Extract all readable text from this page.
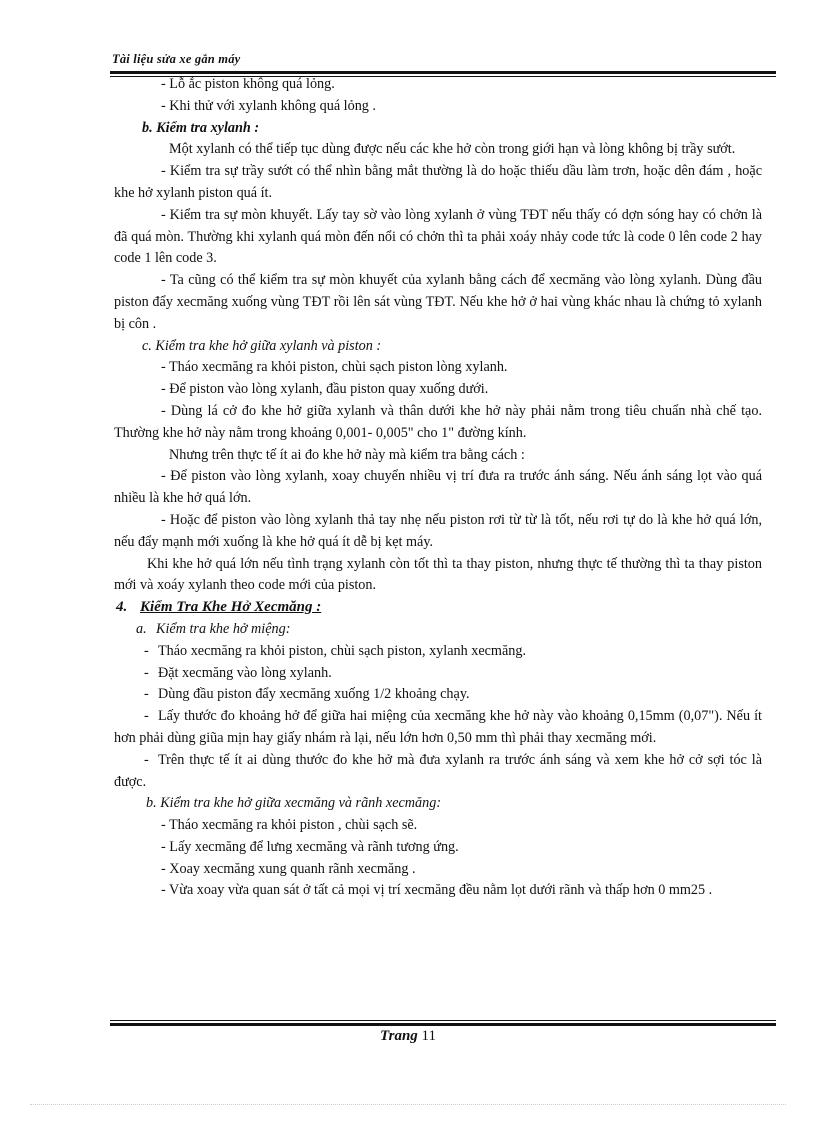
Tài liệu sửa xe gắn máy

- Lỗ ắc piston không quá lỏng.

- Khi thử với xylanh không quá lỏng .

b. Kiểm tra xylanh :

Một xylanh có thể tiếp tục dùng được nếu các khe hở còn trong giới hạn và lòng không bị trầy sướt.

- Kiểm tra sự trầy sướt có thể nhìn bằng mắt thường là do hoặc thiếu dầu làm trơn, hoặc dên đám , hoặc khe hở xylanh piston quá ít.

- Kiểm tra sự mòn khuyết. Lấy tay sờ vào lòng xylanh ở vùng TĐT nếu thấy có dợn sóng hay có chởn là đã quá mòn. Thường khi xylanh quá mòn đến nổi có chởn thì ta phải xoáy nhảy code tức là code 0 lên code 2 hay code 1 lên code 3.

- Ta cũng có thể kiểm tra sự mòn khuyết của xylanh bằng cách để xecmăng vào lòng xylanh. Dùng đầu piston đẩy xecmăng xuống vùng TĐT rồi lên sát vùng TĐT. Nếu khe hở ở hai vùng khác nhau là chứng tỏ xylanh bị côn .

c. Kiểm tra khe hở giữa xylanh và piston :

- Tháo xecmăng ra khỏi piston, chùi sạch piston lòng xylanh.

- Để piston vào lòng xylanh, đầu piston quay xuống dưới.

- Dùng lá cở đo khe hở giữa xylanh và thân dưới khe hở này phải nằm trong tiêu chuẩn nhà chế tạo. Thường khe hở này nằm trong khoảng 0,001- 0,005" cho 1" đường kính.

Nhưng trên thực tế ít ai đo khe hở này mà kiểm tra bằng cách :

- Để piston vào lòng xylanh, xoay chuyển nhiều vị trí đưa ra trước ánh sáng. Nếu ánh sáng lọt vào quá nhiều là khe hở quá lớn.

- Hoặc để piston vào lòng xylanh thả tay nhẹ nếu piston rơi từ từ là tốt, nếu rơi tự do là khe hở quá lớn, nếu đẩy mạnh mới xuống là khe hở quá ít dễ bị kẹt máy.

Khi khe hở quá lớn nếu tình trạng xylanh còn tốt thì ta thay piston, nhưng thực tế thường thì ta thay piston mới và xoáy xylanh theo code mới của piston.

4. Kiểm Tra Khe Hở Xecmăng :

a. Kiểm tra khe hở miệng:

- Tháo xecmăng ra khỏi piston, chùi sạch piston, xylanh xecmăng.

- Đặt xecmăng vào lòng xylanh.

- Dùng đầu piston đẩy xecmăng xuống 1/2 khoảng chạy.

- Lấy thước đo khoảng hở để giữa hai miệng của xecmăng khe hở này vào khoảng 0,15mm (0,07"). Nếu ít hơn phải dùng giũa mịn hay giấy nhám rà lại, nếu lớn hơn 0,50 mm thì phải thay xecmăng mới.

- Trên thực tế ít ai dùng thước đo khe hở mà đưa xylanh ra trước ánh sáng và xem khe hở cở sợi tóc là được.

b. Kiểm tra khe hở giữa xecmăng và rãnh xecmăng:

- Tháo xecmăng ra khỏi piston , chùi sạch sẽ.

- Lấy xecmăng để lưng xecmăng và rãnh tương ứng.

- Xoay xecmăng xung quanh rãnh xecmăng .

- Vừa xoay vừa quan sát ở tất cả mọi vị trí xecmăng đều nằm lọt dưới rãnh và thấp hơn 0 mm25 .

Trang 11
